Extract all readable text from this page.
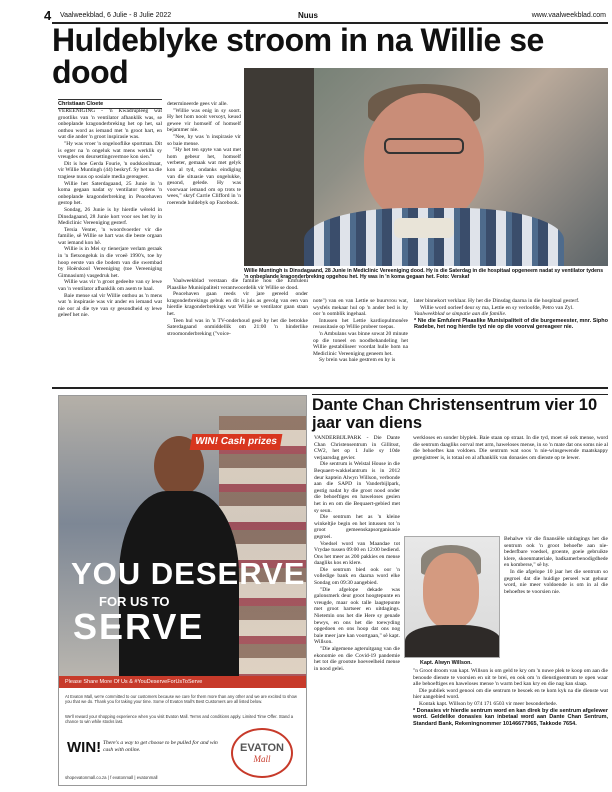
4 Vaalweekblad, 6 Julie - 8 Julie 2022	Nuus	www.vaalweekblad.com
Huldeblyke stroom in na Willie se dood
Christiaan Cloete

VEREENIGING - 'n Kwadrupleeg wat grootliks van 'n ventilator afhanklik was, se onbeplande kragonderbreking het op het, sal onthou word as iemand met 'n groot hart, en wat die ander 'n groot inspirasie was.

"Hy was vroer 'n ongelooflike sportman. Dit is egter na 'n ongeluk wat mens werklik sy vreugdes en deursettingsvermoe kon sien."

Dit is hoe Gerda Fourie, 'n oudskoolmaat, vir Willie Muntingh (44) beskryf. Sy het na die tragiese nuus op sosiale media gereageer.

Willie het Saterdagaand, 25 Junie in 'n koma gegaan nadat sy ventilator tydens 'n onbeplande kragonderbreking in Peacehaven gestop het.

Sondag, 26 Junie is hy hierdie wêreld in Dinsdagaand, 28 Junie kort voor ses het hy in Mediclinic Vereeniging gesterf.

Tersia Venter, 'n woordvoerder vir die familie, sê Willie se hart was die beste orgaan wat iemand kon hê.

Willie is in Mei sy tienerjare verlam geraak in 'n fietsongeluk in die vroeë 1990's, toe hy hoop eerste van die bodem van die swembad by Hoërskool Vereeniging (toe Vereeniging Gimnasium) vasgedruk het.

Willie was vir 'n groot gedeelte van sy lewe van 'n ventilator afhanklik om asem te haal.

Baie mense sal vir Willie onthou as 'n mens wat 'n inspirasie was vir ander en iemand wat nie oor al die tye van sy gesondheid sy lewe geleef het nie.

determineerde gees vir alle.

"Willie was enig in sy soort. Hy het hom nooit versoyt, keusd gewee vir homself of homself bejammer nie.

"Nee, hy was 'n inspirasie vir so baie mense.

"Hy het ten spyte van wat met hom gebeur het, homself verbeter, gemaak wat met gelyk kon al tyd, ondanks eindiging van die situasie van ongelukke, gesond, gelede. Hy was voorwaar iemand om op trots te wees," skryf Carrie Clifford in 'n roerende huldebyk op Facebook.

Vaalweekblad verstaan die familie hou die Emfuleni Plaaslike Munisipaliteit verantwoordelik vir Willie se dood.

Peacehaven gaan reeds vir jare gereeld onder kragonderbrekings gebuk en dit is juis as gevolg van een van hierdie kragonderbrekings wat Willie se ventilator gaan staan het.

Teen hul was in 'n TV-onderhoud gesê hy het die betrokke Saterdagaand onmiddellik om 21:00 'n hinderlike stroomonderbreking ("voice-

note") van en van Lettie se buurvrou wat, wysfels mekaar hul op 'n ander bed is hy oor 'n oomblik ingehaal.

Intussen het Lettie kardiopulmonêre resussitasie op Willie probeer toepas.

'n Ambulans was binne sowat 20 minute op die toneel en noodbehandeling het Willie gestabiliseer voordat hulle hom na Mediclinic Vereeniging geneem het.

Sy brein was baie gestrem en hy is

later binnekort verklaar. Hy het die Dinsdag daarna in die hospitaal gesterf.

Willie word oorleef deur sy ma, Lettie en sy verloofde, Petro van Zyl.

Vaalweekblad se simpatie aan die familie.

* Nie die Emfuleni Plaaslike Munisipaliteit of die burgemeester, mnr. Sipho Radebe, het nog hierdie tyd nie op die voorval gereageer nie.

Willie Muntingh is Dinsdagaand, 28 Junie in Mediclinic Vereeniging dood. Hy is die Saterdag in die hospitaal opgeneem nadat sy ventilator tydens 'n onbeplande kragonderbreking opgehou het. Hy was in 'n koma gegaan het. Foto: Verskaf
WIN! Cash prizes
YOU DESERVE
FOR US TO
SERVE
Please Share More Of Us & #YouDeserveForUsToServe
At Evaton Mall, we're committed to our customers because we care for them more than any other and we are excited to show you that we do. Thank you for taking your time. Some of Evaton Mall's Best Customers are all listed below.
We'll reward your shopping experience when you visit Evaton Mall. Terms and conditions apply. Limited Time Offer. Stand a chance to win while stocks last.
WIN! There's a way to get choose to be pulled for and win cash with online.	EVATON
Mall
shopevatonmall.co.za | f evatonmall | evatonmall
Dante Chan Christensentrum vier 10 jaar van diens

VANDERBIJLPARK - Die Dante Chan Christensentrum in Gillitsst, CW2, het op 1 Julie sy 10de verjaarsdag gevier.

Die sentrum is Welstal House in die Bequaert-wakkelantrum is in 2012 deur kaptein Alwyn Willson, verbonde aan die SAPD in Vanderbijlpark, gestig nadat hy die groot nood onder die behoeftiges en haweloses gesien het in en om die Bequaert-gebied met sy seun.

Die sentrum het as 'n kleine winkeltjie begin en het intussen tot 'n groot gemeenskapsorganisasie gegroei.

Voedsel word van Maandae tot Vrydae tussen 09:00 en 12:00 bediend. Ons het meer as 200 pakkies en mense daagliks kos en klere.

Die sentrum bied ook oor 'n volledige bank en daarna word elke Sondag om 09:30 aangebied.

"Die afgelope dekade was galonsmerk deur groot hoogtepunte en vreugde, maar ook talle laagtepunte met groot hartseer en uitdagings. Nietemin ons het die Here sy genade bewys, en ons het die toewyding opgedoen en ons hoop dat ons nog baie meer jare kan voortgaan," sê kapt. Willson.

"Die algemene agteruitgang van die ekonomie en die Covid-19 pandemie het tot die grootste hoeveelheid mense in nood gelei.

werkloses en sonder blyplek. Baie staan op straat. In die tyd, moet sê ook mense, word die sentrum daagliks oorval met arm, haweloses mense, in so 'n mate dat ons soms nie al die behoeftes kan voldoen. Die sentrum wat soos 'n nie-winsgewende maatskappy geregistreer is, is totaal en al afhanklik van donasies om dienste op te lewer.

Behalwe vir die finansiële uitdagings het die sentrum ook 'n groot behoefte aan nie-bederfbare voedsel, groente, goeie gebruikte klere, skoenmateriale, badkamerbenodigdhede en komberse," sê hy.

In die afgelope 10 jaar het die sentrum so gegroei dat die huidige perseel wat gehuur word, nie meer voldoende is om in al die behoeftes te voorsien nie.

"n Groot droom van kapt. Willson is om geld te kry om 'n nuwe plek te koop om aan die benoude dienste te voorsien en uit te brei, en ook om 'n dienstigsentrum te open waar alle behoeftiges en haweloses mense 'n warm bed kan kry en die nag kan slaap.

Die publiek word genooi om die sentrum te besoek en te kom kyk na die dienste wat hier aangebied word.

Kontak kapt. Willson by 074 171 6503 vir meer besonderhede.

* Donasies vir hierdie sentrum word en kan direk by die sentrum afgelewer word. Geldelike donasies kan inbetaal word aan Dante Chan Sentrum, Standard Bank, Rekeningnommer 10146677965, Takkode 7654.

Kapt. Alwyn Willson.
